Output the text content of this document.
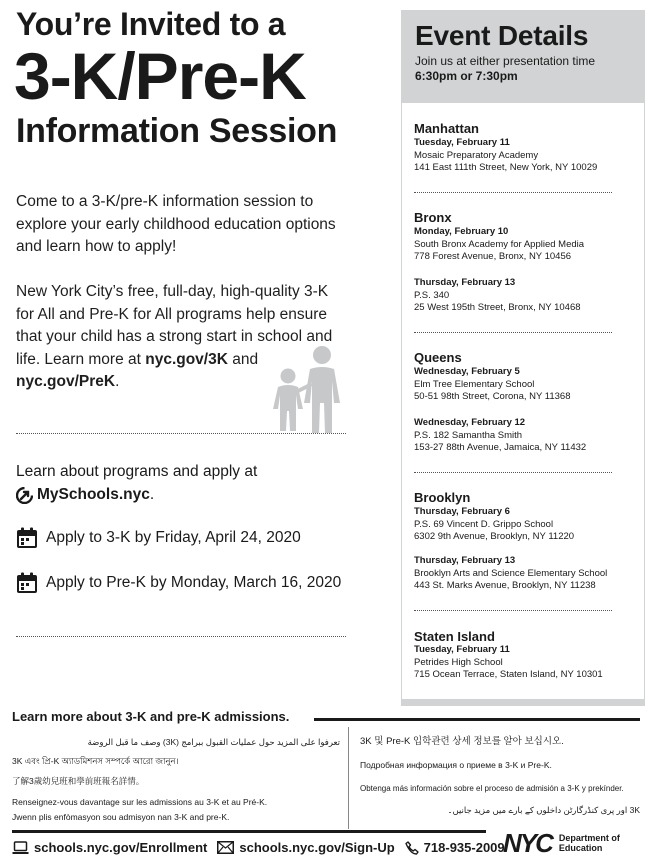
You’re Invited to a
3-K/Pre-K
Information Session

Come to a 3-K/pre-K information session to explore your early childhood education options and learn how to apply!

New York City’s free, full-day, high-quality 3-K for All and Pre-K for All programs help ensure that your child has a strong start in school and life. Learn more at nyc.gov/3K and nyc.gov/PreK.

Learn about programs and apply at
MySchools.nyc .
Apply to 3-K by Friday, April 24, 2020
Apply to Pre-K by Monday, March 16, 2020
Event Details
Join us at either presentation time
6:30pm or 7:30pm
Manhattan
Tuesday, February 11
Mosaic Preparatory Academy
141 East 111th Street, New York, NY 10029
Bronx
Monday, February 10
South Bronx Academy for Applied Media
778 Forest Avenue, Bronx, NY 10456
Thursday, February 13
P.S. 340
25 West 195th Street, Bronx, NY 10468
Queens
Wednesday, February 5
Elm Tree Elementary School
50-51 98th Street, Corona, NY 11368
Wednesday, February 12
P.S. 182 Samantha Smith
153-27 88th Avenue, Jamaica, NY 11432
Brooklyn
Thursday, February 6
P.S. 69 Vincent D. Grippo School
6302 9th Avenue, Brooklyn, NY 11220
Thursday, February 13
Brooklyn Arts and Science Elementary School
443 St. Marks Avenue, Brooklyn, NY 11238
Staten Island
Tuesday, February 11
Petrides High School
715 Ocean Terrace, Staten Island, NY 10301
Learn more about 3-K and pre-K admissions.
تعرفوا على المزيد حول عمليات القبول ببرامج (3K) وصف ما قبل الروضة
3K এবং প্রি-K অ্যাডমিশনস সম্পর্কে আরো জানুন।
了解3歲幼兒班和學前班報名詳情。
Renseignez-vous davantage sur les admissions au 3-K et au Pré-K.
Jwenn plis enfòmasyon sou admisyon nan 3-K and pre-K.
3K 및 Pre-K 입학관련 상세 정보를 알아 보십시오.
Подробная информация о приеме в 3-K и Pre-K.
Obtenga más información sobre el proceso de admisión a 3-K y prekínder.
3K اور پری کنڈرگارٹن داخلوں کے بارے میں مزید جانیں۔
schools.nyc.gov/Enrollment schools.nyc.gov/Sign-Up 718-935-2009
NYC Department of
Education
